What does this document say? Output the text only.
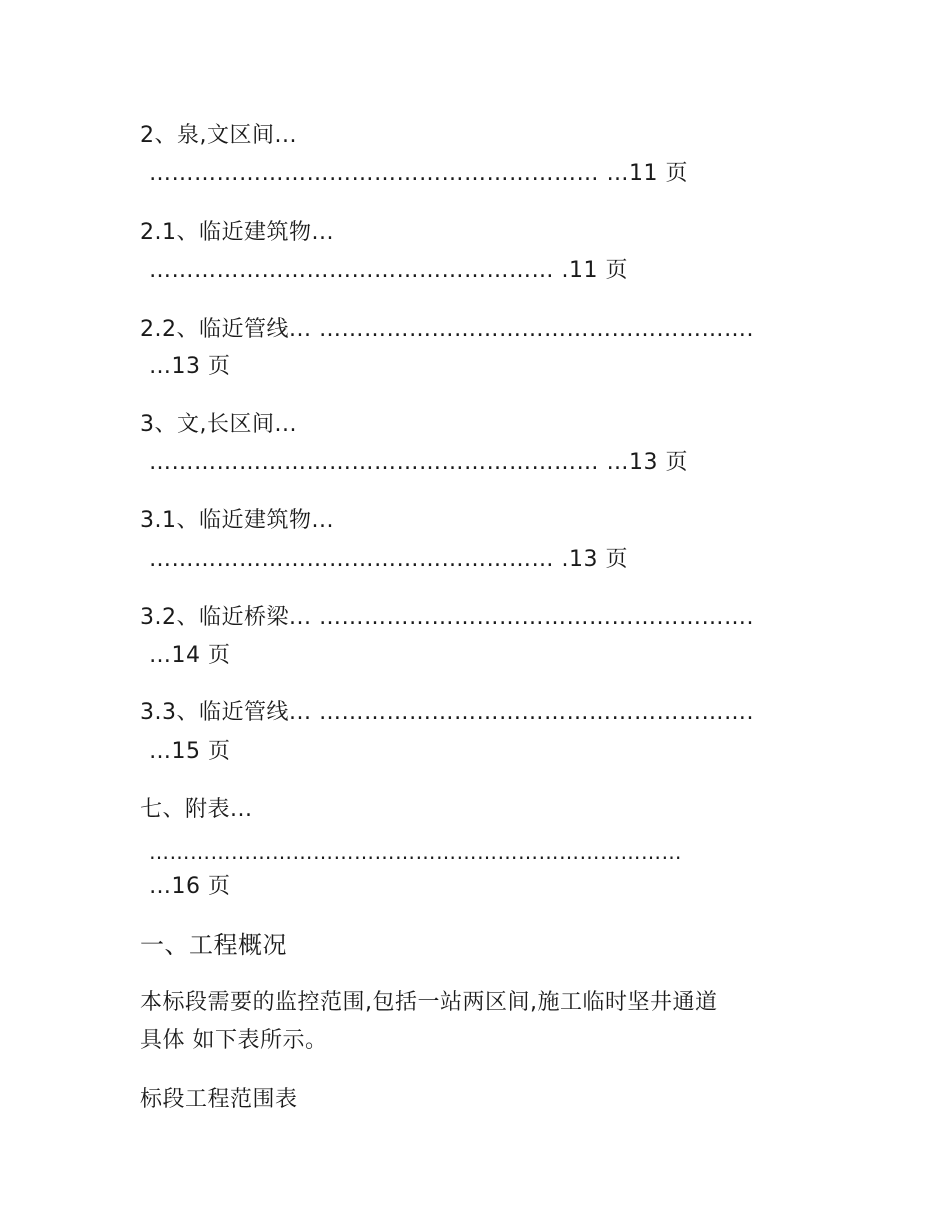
2、泉,文区间...
…………………………………………………… …11 页
2.1、临近建筑物...
……………………………………………… .11 页
2.2、临近管线... ………………………………………………….
…13 页
3、文,长区间...
…………………………………………………… …13 页
3.1、临近建筑物...
……………………………………………… .13 页
3.2、临近桥梁... ………………………………………………….
…14 页
3.3、临近管线... ………………………………………………….
…15 页
七、附表...
……………………………………………………………………
…16 页
一、工程概况
本标段需要的监控范围,包括一站两区间,施工临时坚井通道
具体 如下表所示。
标段工程范围表
